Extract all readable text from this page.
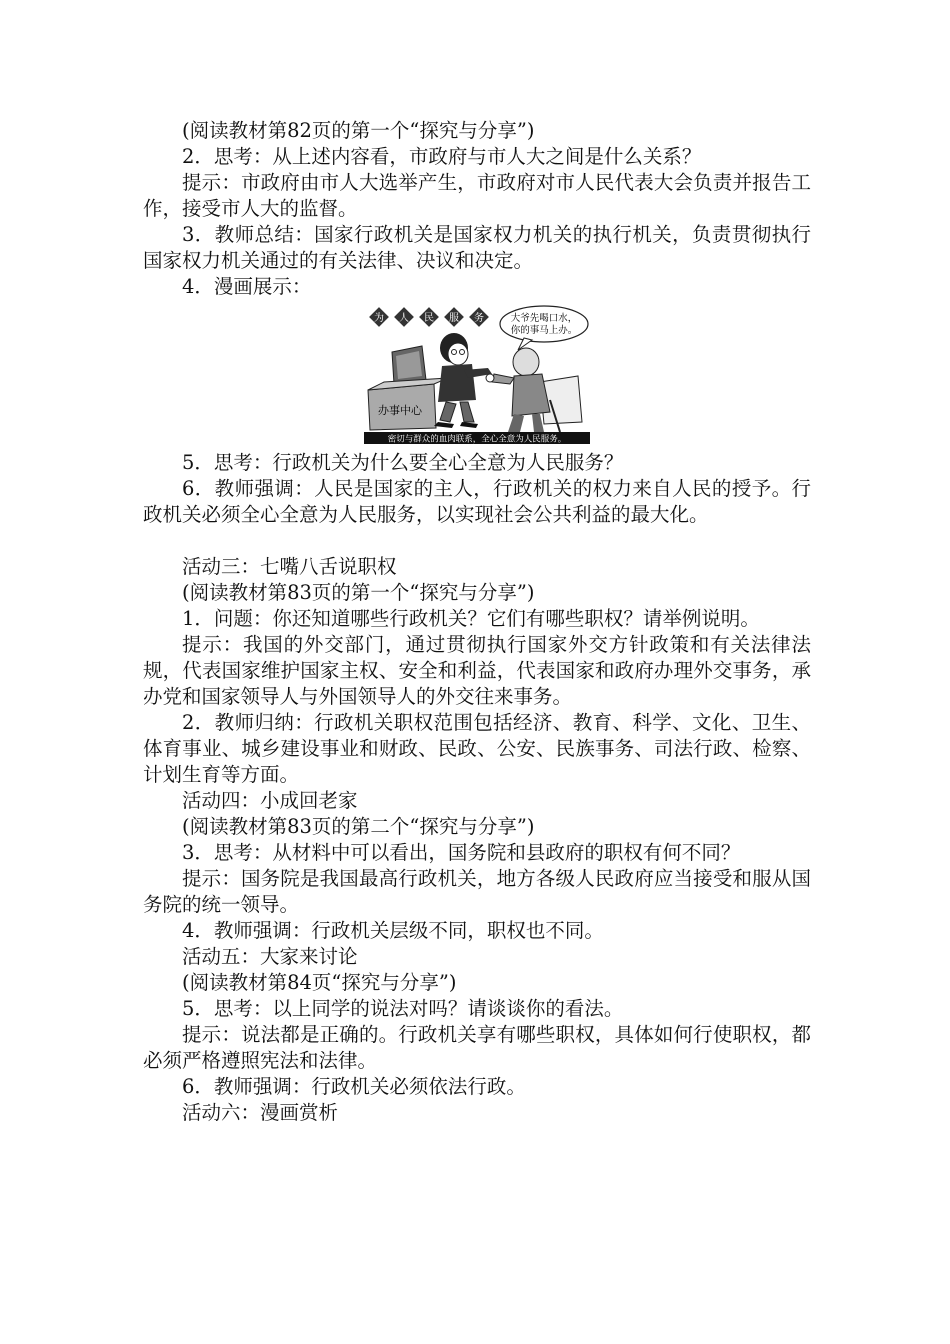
(阅读教材第82页的第一个“探究与分享”)

2．思考：从上述内容看，市政府与市人大之间是什么关系？

提示：市政府由市人大选举产生，市政府对市人民代表大会负责并报告工作，接受市人大的监督。

3．教师总结：国家行政机关是国家权力机关的执行机关，负责贯彻执行国家权力机关通过的有关法律、决议和决定。

4．漫画展示：

为 人 民 服 务	大爷先喝口水，
你的事马上办。
办事中心
密切与群众的血肉联系，全心全意为人民服务。

5．思考：行政机关为什么要全心全意为人民服务？

6．教师强调：人民是国家的主人，行政机关的权力来自人民的授予。行政机关必须全心全意为人民服务，以实现社会公共利益的最大化。

活动三：七嘴八舌说职权

(阅读教材第83页的第一个“探究与分享”)

1．问题：你还知道哪些行政机关？它们有哪些职权？请举例说明。

提示：我国的外交部门，通过贯彻执行国家外交方针政策和有关法律法规，代表国家维护国家主权、安全和利益，代表国家和政府办理外交事务，承办党和国家领导人与外国领导人的外交往来事务。

2．教师归纳：行政机关职权范围包括经济、教育、科学、文化、卫生、体育事业、城乡建设事业和财政、民政、公安、民族事务、司法行政、检察、计划生育等方面。

活动四：小成回老家

(阅读教材第83页的第二个“探究与分享”)

3．思考：从材料中可以看出，国务院和县政府的职权有何不同？

提示：国务院是我国最高行政机关，地方各级人民政府应当接受和服从国务院的统一领导。

4．教师强调：行政机关层级不同，职权也不同。

活动五：大家来讨论

(阅读教材第84页“探究与分享”)

5．思考：以上同学的说法对吗？请谈谈你的看法。

提示：说法都是正确的。行政机关享有哪些职权，具体如何行使职权，都必须严格遵照宪法和法律。

6．教师强调：行政机关必须依法行政。

活动六：漫画赏析
